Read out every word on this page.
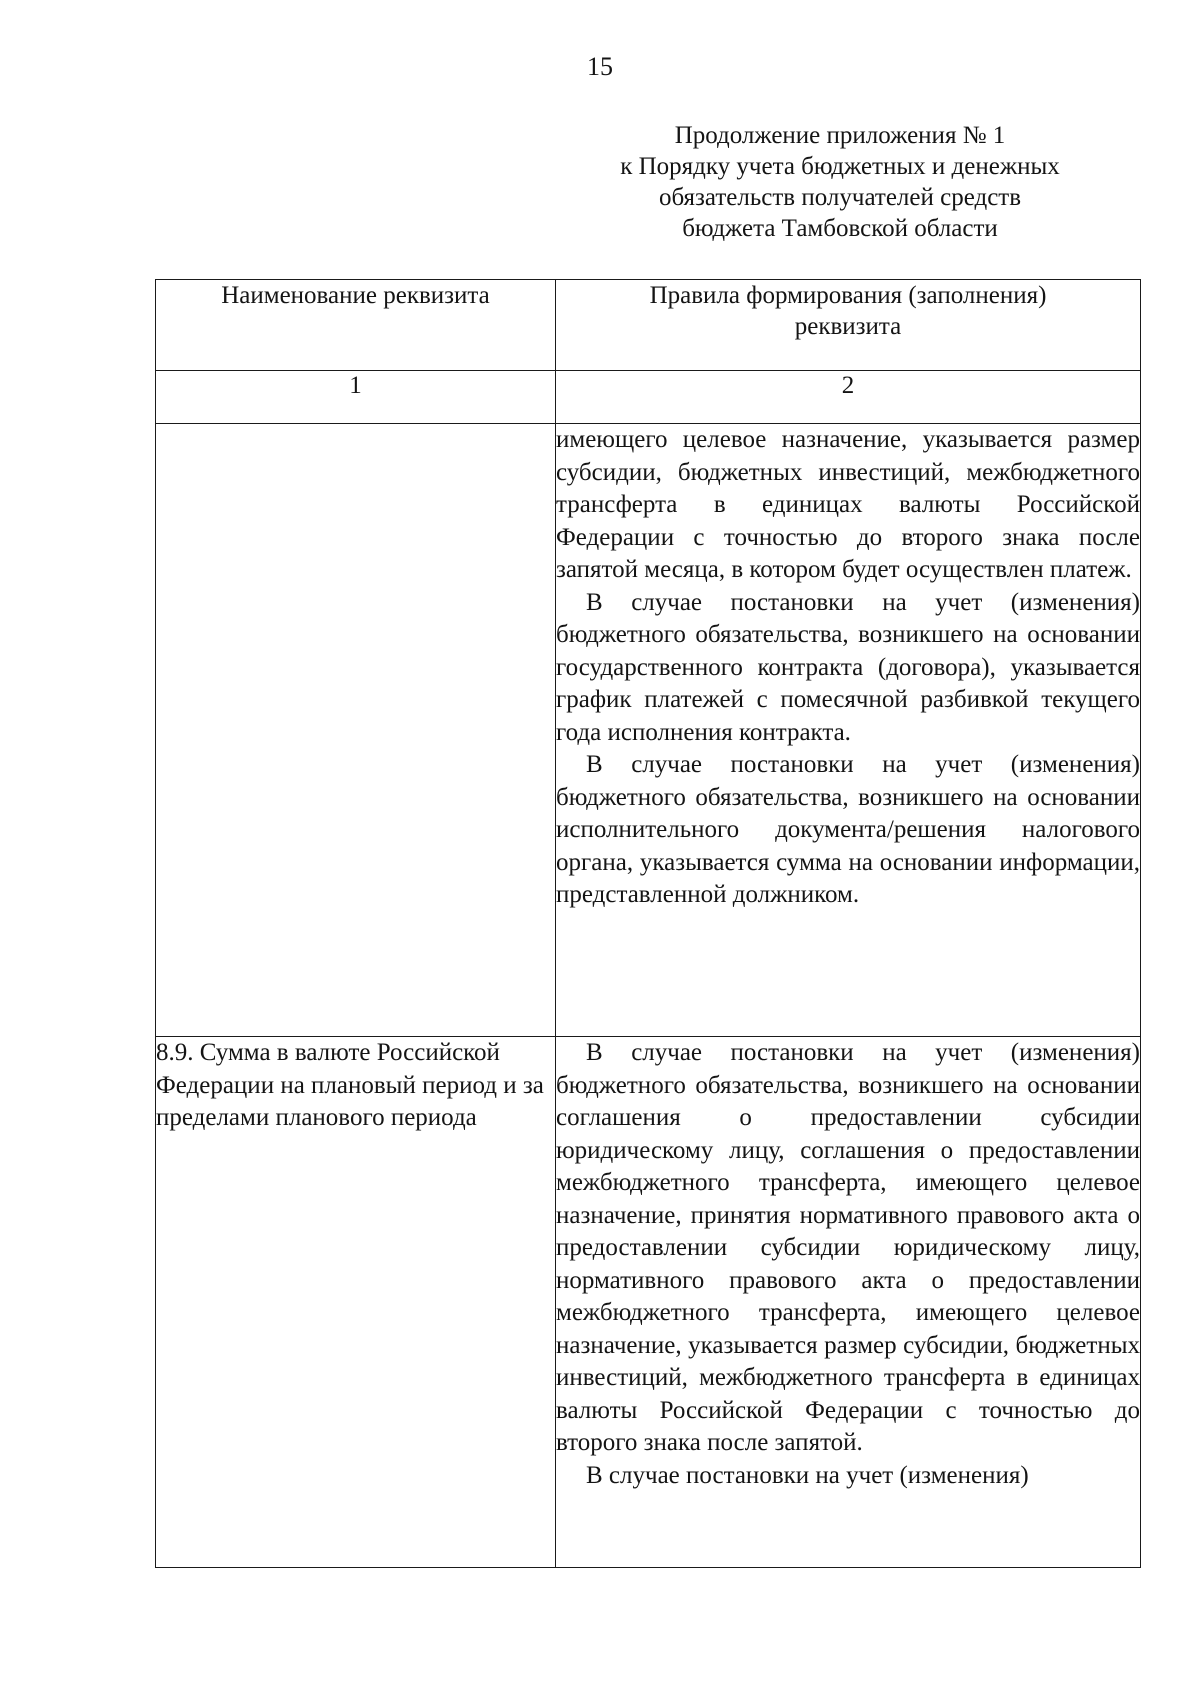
15
Продолжение приложения № 1
к Порядку учета бюджетных и денежных
обязательств получателей средств
бюджета Тамбовской области
Наименование реквизита	Правила формирования (заполнения) реквизита
1	2

	имеющего целевое назначение, указывается размер субсидии, бюджетных инвестиций, межбюджетного трансферта в единицах валюты Российской Федерации с точностью до второго знака после запятой месяца, в котором будет осуществлен платеж.

В случае постановки на учет (изменения) бюджетного обязательства, возникшего на основании государственного контракта (договора), указывается график платежей с помесячной разбивкой текущего года исполнения контракта.

В случае постановки на учет (изменения) бюджетного обязательства, возникшего на основании исполнительного документа/решения налогового органа, указывается сумма на основании информации, представленной должником.

8.9. Сумма в валюте Российской Федерации на плановый период и за пределами планового периода	В случае постановки на учет (изменения) бюджетного обязательства, возникшего на основании соглашения о предоставлении субсидии юридическому лицу, соглашения о предоставлении межбюджетного трансферта, имеющего целевое назначение, принятия нормативного правового акта о предоставлении субсидии юридическому лицу, нормативного правового акта о предоставлении межбюджетного трансферта, имеющего целевое назначение, указывается размер субсидии, бюджетных инвестиций, межбюджетного трансферта в единицах валюты Российской Федерации с точностью до второго знака после запятой.

В случае постановки на учет (изменения)
